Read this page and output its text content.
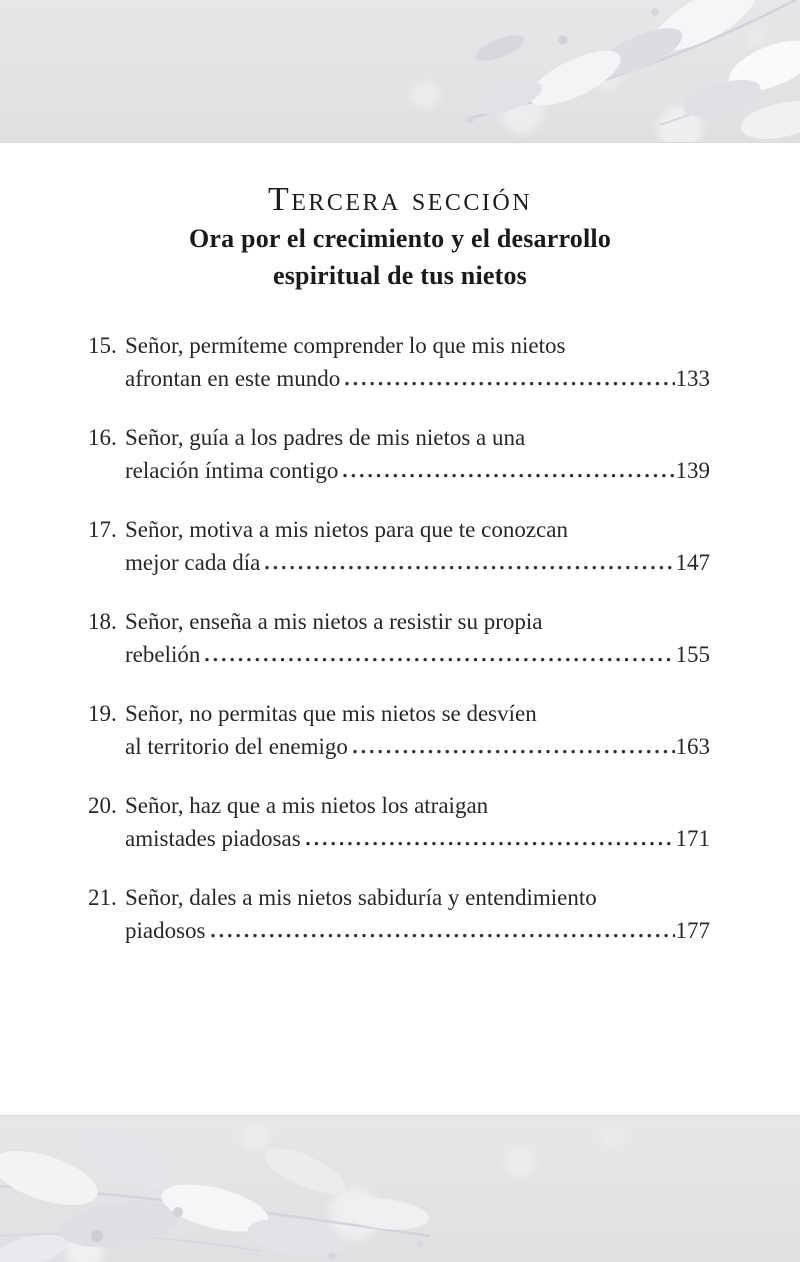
Tercera sección
Ora por el crecimiento y el desarrollo
espiritual de tus nietos
15. Señor, permíteme comprender lo que mis nietos
afrontan en este mundo	133
16. Señor, guía a los padres de mis nietos a una
relación íntima contigo	139
17. Señor, motiva a mis nietos para que te conozcan
mejor cada día	147
18. Señor, enseña a mis nietos a resistir su propia
rebelión	155
19. Señor, no permitas que mis nietos se desvíen
al territorio del enemigo	163
20. Señor, haz que a mis nietos los atraigan
amistades piadosas	171
21. Señor, dales a mis nietos sabiduría y entendimiento
piadosos	177
